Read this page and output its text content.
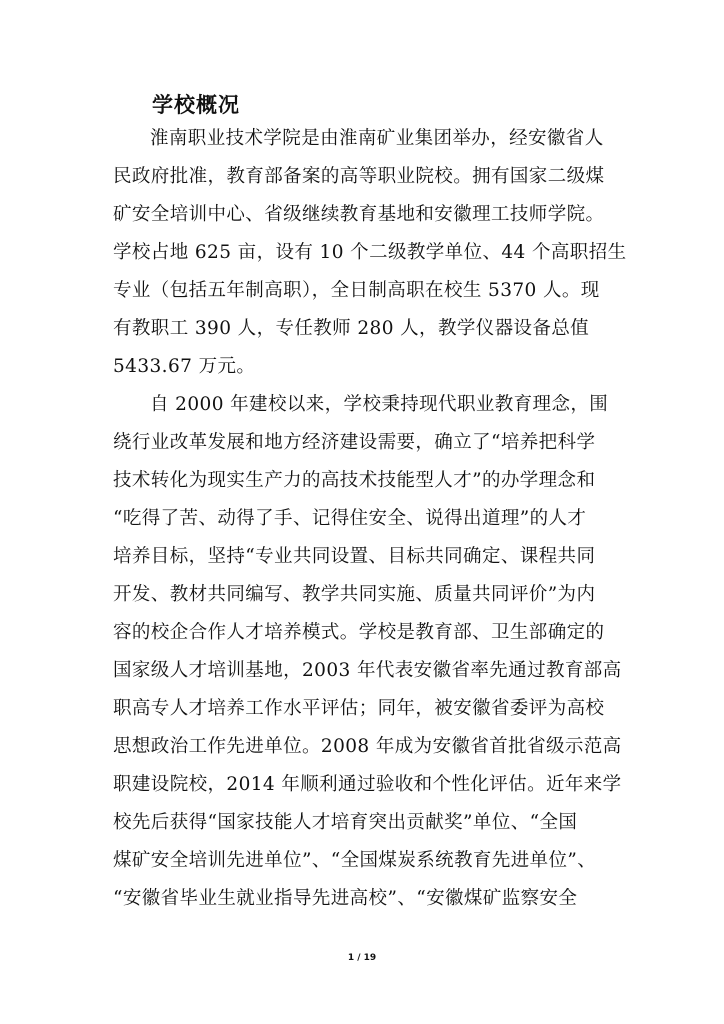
学校概况
淮南职业技术学院是由淮南矿业集团举办，经安徽省人
民政府批准，教育部备案的高等职业院校。拥有国家二级煤
矿安全培训中心、省级继续教育基地和安徽理工技师学院。
学校占地 625 亩，设有 10 个二级教学单位、44 个高职招生
专业（包括五年制高职），全日制高职在校生 5370 人。现
有教职工 390 人，专任教师 280 人，教学仪器设备总值
5433.67 万元。
自 2000 年建校以来，学校秉持现代职业教育理念，围
绕行业改革发展和地方经济建设需要，确立了“培养把科学
技术转化为现实生产力的高技术技能型人才”的办学理念和
“吃得了苦、动得了手、记得住安全、说得出道理”的人才
培养目标，坚持“专业共同设置、目标共同确定、课程共同
开发、教材共同编写、教学共同实施、质量共同评价”为内
容的校企合作人才培养模式。学校是教育部、卫生部确定的
国家级人才培训基地，2003 年代表安徽省率先通过教育部高
职高专人才培养工作水平评估；同年，被安徽省委评为高校
思想政治工作先进单位。2008 年成为安徽省首批省级示范高
职建设院校，2014 年顺利通过验收和个性化评估。近年来学
校先后获得“国家技能人才培育突出贡献奖”单位、“全国
煤矿安全培训先进单位”、“全国煤炭系统教育先进单位”、
“安徽省毕业生就业指导先进高校”、“安徽煤矿监察安全
1 / 19
